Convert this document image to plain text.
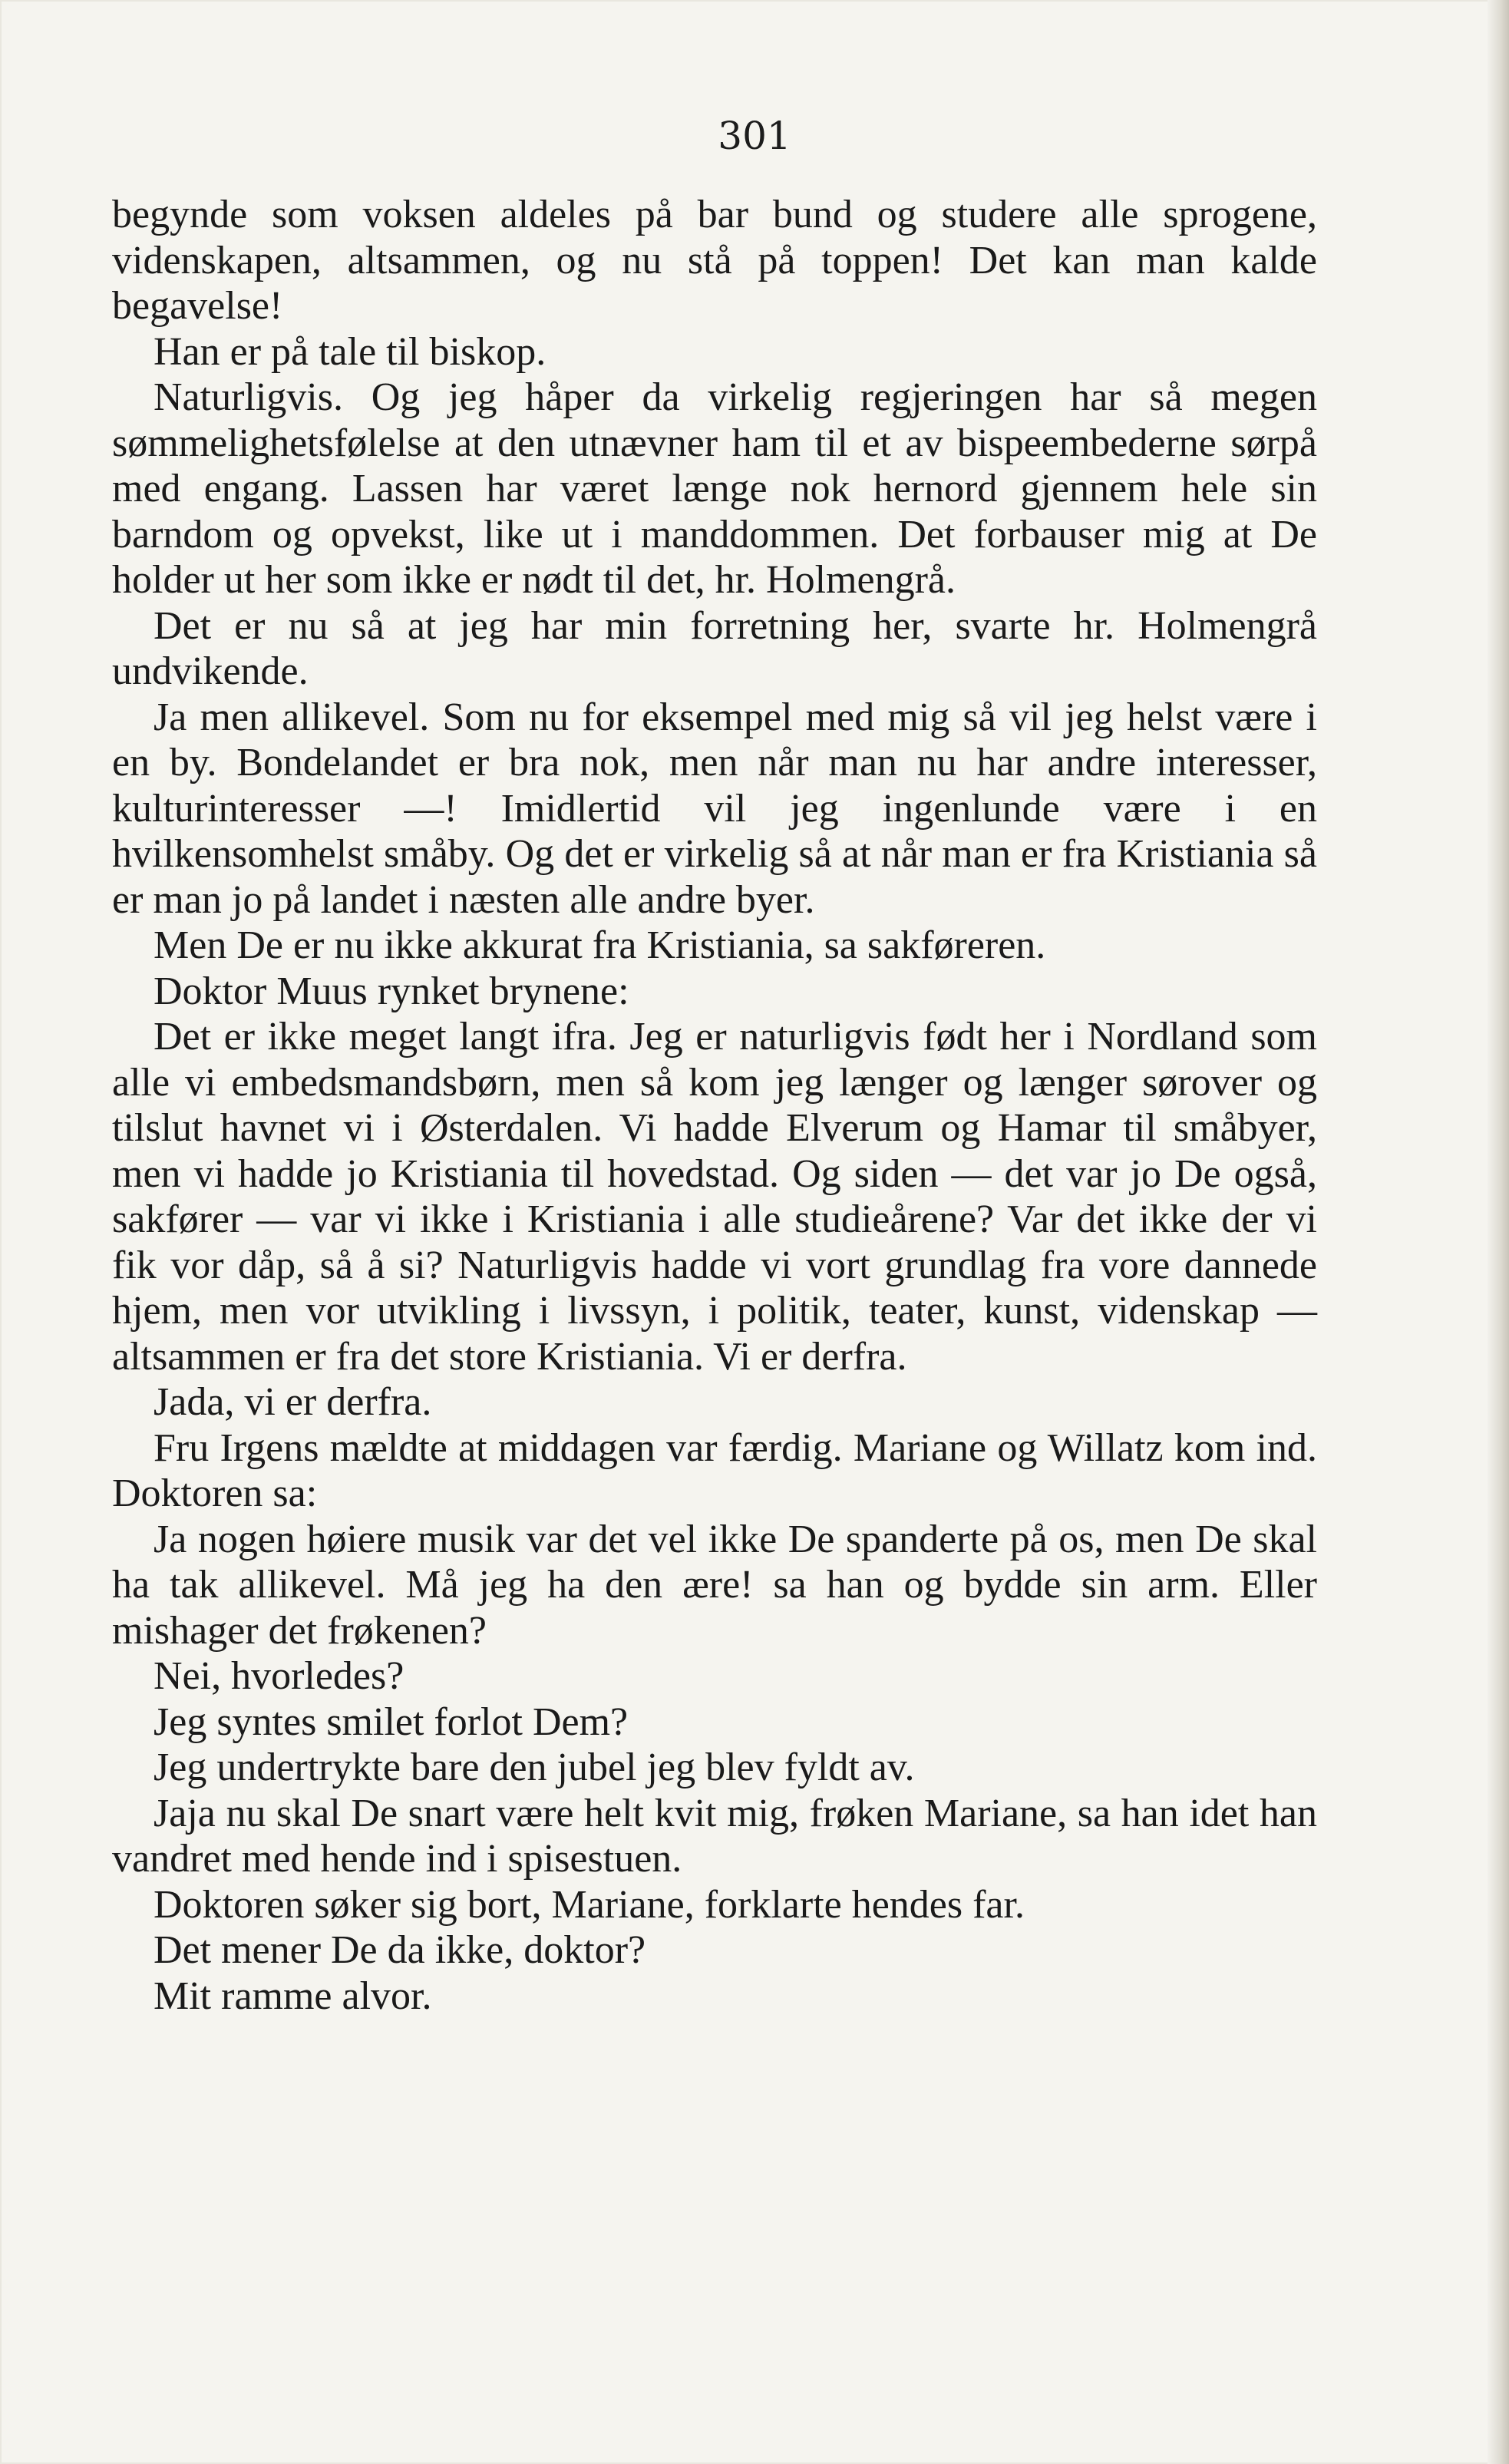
301

begynde som voksen aldeles på bar bund og studere alle sprogene, videnskapen, altsammen, og nu stå på toppen! Det kan man kalde begavelse!

Han er på tale til biskop.

Naturligvis. Og jeg håper da virkelig regjeringen har så megen sømmelighetsfølelse at den utnævner ham til et av bispeembederne sørpå med engang. Lassen har været længe nok hernord gjennem hele sin barndom og opvekst, like ut i manddommen. Det forbauser mig at De holder ut her som ikke er nødt til det, hr. Holmengrå.

Det er nu så at jeg har min forretning her, svarte hr. Holmengrå undvikende.

Ja men allikevel. Som nu for eksempel med mig så vil jeg helst være i en by. Bondelandet er bra nok, men når man nu har andre interesser, kulturinteresser —! Imidlertid vil jeg ingenlunde være i en hvilkensomhelst småby. Og det er virkelig så at når man er fra Kristiania så er man jo på landet i næsten alle andre byer.

Men De er nu ikke akkurat fra Kristiania, sa sakføreren.

Doktor Muus rynket brynene:

Det er ikke meget langt ifra. Jeg er naturligvis født her i Nordland som alle vi embedsmandsbørn, men så kom jeg længer og længer sørover og tilslut havnet vi i Østerdalen. Vi hadde Elverum og Hamar til småbyer, men vi hadde jo Kristiania til hovedstad. Og siden — det var jo De også, sakfører — var vi ikke i Kristiania i alle studieårene? Var det ikke der vi fik vor dåp, så å si? Naturligvis hadde vi vort grundlag fra vore dannede hjem, men vor utvikling i livssyn, i politik, teater, kunst, videnskap — altsammen er fra det store Kristiania. Vi er derfra.

Jada, vi er derfra.

Fru Irgens mældte at middagen var færdig. Mariane og Willatz kom ind. Doktoren sa:

Ja nogen høiere musik var det vel ikke De spanderte på os, men De skal ha tak allikevel. Må jeg ha den ære! sa han og bydde sin arm. Eller mishager det frøkenen?

Nei, hvorledes?

Jeg syntes smilet forlot Dem?

Jeg undertrykte bare den jubel jeg blev fyldt av.

Jaja nu skal De snart være helt kvit mig, frøken Mariane, sa han idet han vandret med hende ind i spisestuen.

Doktoren søker sig bort, Mariane, forklarte hendes far.

Det mener De da ikke, doktor?

Mit ramme alvor.
